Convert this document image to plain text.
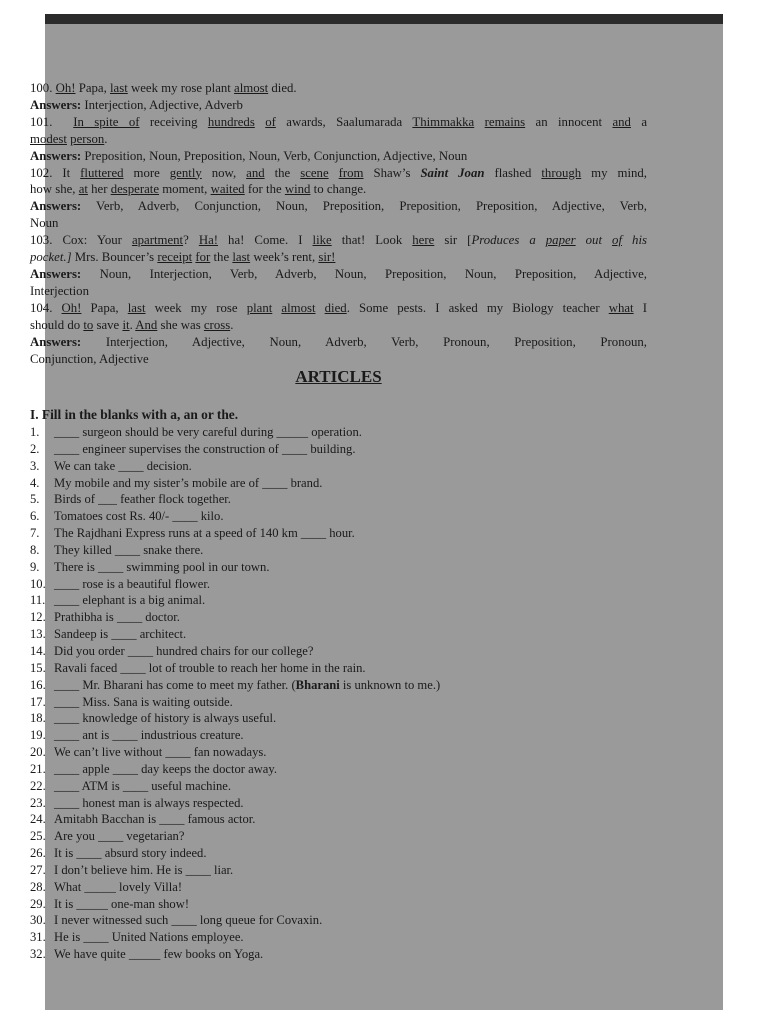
100. Oh! Papa, last week my rose plant almost died.

Answers: Interjection, Adjective, Adverb

101. In spite of receiving hundreds of awards, Saalumarada Thimmakka remains an innocent and a

modest person.

Answers: Preposition, Noun, Preposition, Noun, Verb, Conjunction, Adjective, Noun

102. It fluttered more gently now, and the scene from Shaw’s Saint Joan flashed through my mind,

how she, at her desperate moment, waited for the wind to change.

Answers: Verb, Adverb, Conjunction, Noun, Preposition, Preposition, Preposition, Adjective, Verb,

Noun

103. Cox: Your apartment? Ha! ha! Come. I like that! Look here sir [Produces a paper out of his

pocket.] Mrs. Bouncer’s receipt for the last week’s rent, sir!

Answers: Noun, Interjection, Verb, Adverb, Noun, Preposition, Noun, Preposition, Adjective,

Interjection

104. Oh! Papa, last week my rose plant almost died. Some pests. I asked my Biology teacher what I

should do to save it. And she was cross.

Answers: Interjection, Adjective, Noun, Adverb, Verb, Pronoun, Preposition, Pronoun,

Conjunction, Adjective

ARTICLES
I. Fill in the blanks with a, an or the.
1.	____ surgeon should be very careful during _____ operation.
2.	____ engineer supervises the construction of ____ building.
3.	We can take ____ decision.
4.	My mobile and my sister’s mobile are of ____ brand.
5.	Birds of ___ feather flock together.
6.	Tomatoes cost Rs. 40/- ____ kilo.
7.	The Rajdhani Express runs at a speed of 140 km ____ hour.
8.	They killed ____ snake there.
9.	There is ____ swimming pool in our town.
10. ____ rose is a beautiful flower.
11. ____ elephant is a big animal.
12. Prathibha is ____ doctor.
13. Sandeep is ____ architect.
14. Did you order ____ hundred chairs for our college?
15. Ravali faced ____ lot of trouble to reach her home in the rain.
16. ____ Mr. Bharani has come to meet my father. (Bharani is unknown to me.)
17. ____ Miss. Sana is waiting outside.
18. ____ knowledge of history is always useful.
19. ____ ant is ____ industrious creature.
20. We can’t live without ____ fan nowadays.
21. ____ apple ____ day keeps the doctor away.
22. ____ ATM is ____ useful machine.
23. ____ honest man is always respected.
24. Amitabh Bacchan is ____ famous actor.
25. Are you ____ vegetarian?
26. It is ____ absurd story indeed.
27. I don’t believe him. He is ____ liar.
28. What _____ lovely Villa!
29. It is _____ one-man show!
30. I never witnessed such ____ long queue for Covaxin.
31. He is ____ United Nations employee.
32. We have quite _____ few books on Yoga.
